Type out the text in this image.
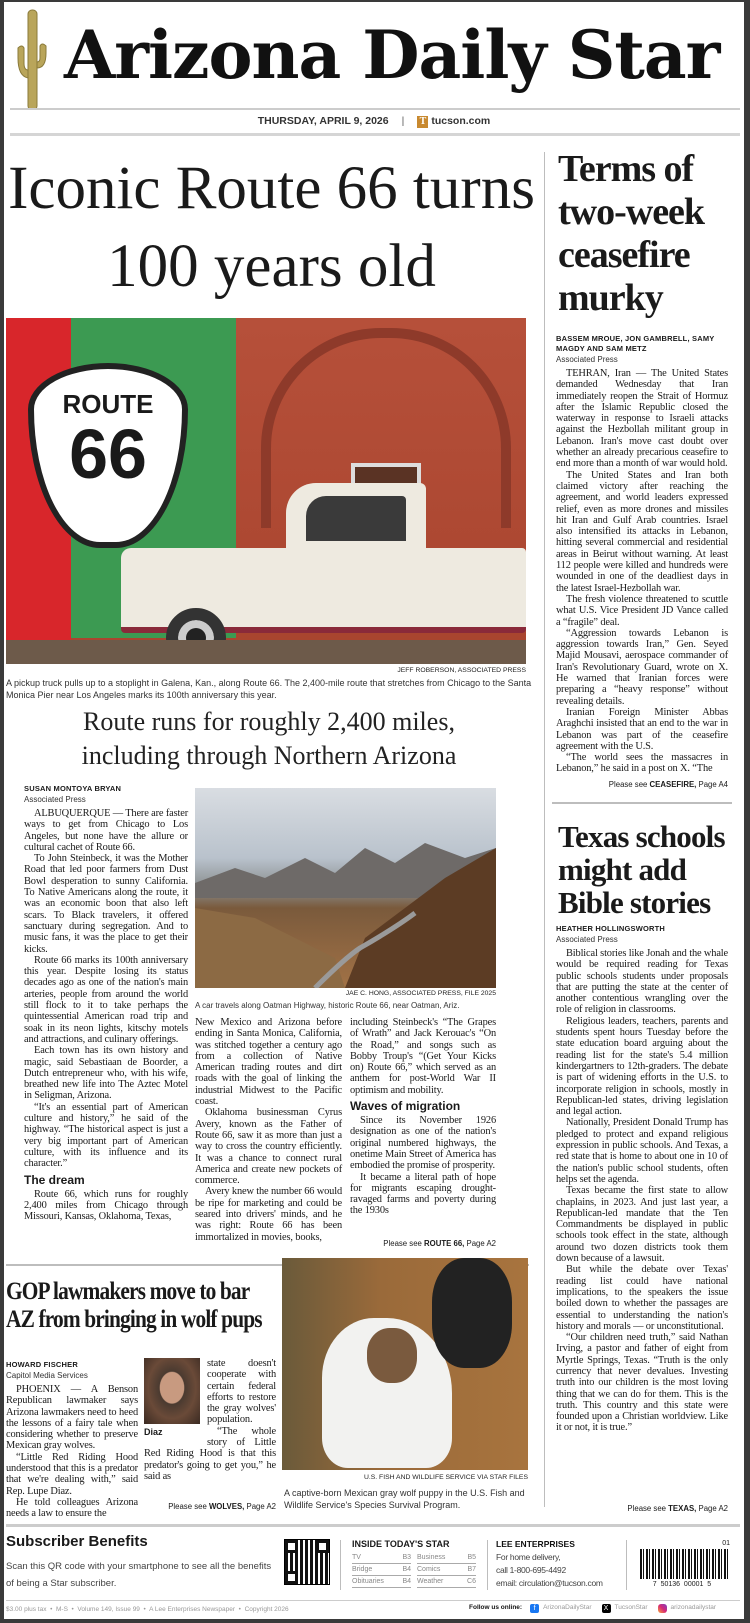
Arizona Daily Star
THURSDAY, APRIL 9, 2026 | T tucson.com
Iconic Route 66 turns 100 years old
ROUTE
66
JEFF ROBERSON, ASSOCIATED PRESS
A pickup truck pulls up to a stoplight in Galena, Kan., along Route 66. The 2,400-mile route that stretches from Chicago to the Santa Monica Pier near Los Angeles marks its 100th anniversary this year.
Route runs for roughly 2,400 miles, including through Northern Arizona
SUSAN MONTOYA BRYAN
Associated Press

ALBUQUERQUE — There are faster ways to get from Chicago to Los Angeles, but none have the allure or cultural cachet of Route 66.

To John Steinbeck, it was the Mother Road that led poor farmers from Dust Bowl desperation to sunny California. To Native Americans along the route, it was an economic boon that also left scars. To Black travelers, it offered sanctuary during segregation. And to music fans, it was the place to get their kicks.

Route 66 marks its 100th anniversary this year. Despite losing its status decades ago as one of the nation's main arteries, people from around the world still flock to it to take perhaps the quintessential American road trip and soak in its neon lights, kitschy motels and attractions, and culinary offerings.

Each town has its own history and magic, said Sebastiaan de Boorder, a Dutch entrepreneur who, with his wife, breathed new life into The Aztec Motel in Seligman, Arizona.

“It's an essential part of American culture and history,” he said of the highway. “The historical aspect is just a very big important part of American culture, with its influence and its character.”

The dream

Route 66, which runs for roughly 2,400 miles from Chicago through Missouri, Kansas, Oklahoma, Texas,

JAE C. HONG, ASSOCIATED PRESS, FILE 2025
A car travels along Oatman Highway, historic Route 66, near Oatman, Ariz.

New Mexico and Arizona before ending in Santa Monica, California, was stitched together a century ago from a collection of Native American trading routes and dirt roads with the goal of linking the industrial Midwest to the Pacific coast.

Oklahoma businessman Cyrus Avery, known as the Father of Route 66, saw it as more than just a way to cross the country efficiently. It was a chance to connect rural America and create new pockets of commerce.

Avery knew the number 66 would be ripe for marketing and could be seared into drivers' minds, and he was right: Route 66 has been immortalized in movies, books,

including Steinbeck's “The Grapes of Wrath” and Jack Kerouac's “On the Road,” and songs such as Bobby Troup's “(Get Your Kicks on) Route 66,” which served as an anthem for post-World War II optimism and mobility.

Waves of migration

Since its November 1926 designation as one of the nation's original numbered highways, the onetime Main Street of America has embodied the promise of prosperity.

It became a literal path of hope for migrants escaping drought-ravaged farms and poverty during the 1930s

Please see ROUTE 66, Page A2
GOP lawmakers move to bar AZ from bringing in wolf pups
HOWARD FISCHER
Capitol Media Services

PHOENIX — A Benson Republican lawmaker says Arizona lawmakers need to heed the lessons of a fairy tale when considering whether to preserve Mexican gray wolves.

“Little Red Riding Hood understood that this is a predator that we're dealing with,” said Rep. Lupe Diaz.

He told colleagues Arizona needs a law to ensure the

Diaz

state doesn't cooperate with certain federal efforts to restore the gray wolves' population.

“The whole story of Little Red Riding Hood is that this predator's going to get you,” he said as

Please see WOLVES, Page A2
U.S. FISH AND WILDLIFE SERVICE VIA STAR FILES
A captive-born Mexican gray wolf puppy in the U.S. Fish and Wildlife Service's Species Survival Program.
Terms of two-week ceasefire murky
BASSEM MROUE, JON GAMBRELL, SAMY MAGDY AND SAM METZ
Associated Press

TEHRAN, Iran — The United States demanded Wednesday that Iran immediately reopen the Strait of Hormuz after the Islamic Republic closed the waterway in response to Israeli attacks against the Hezbollah militant group in Lebanon. Iran's move cast doubt over whether an already precarious ceasefire to end more than a month of war would hold.

The United States and Iran both claimed victory after reaching the agreement, and world leaders expressed relief, even as more drones and missiles hit Iran and Gulf Arab countries. Israel also intensified its attacks in Lebanon, hitting several commercial and residential areas in Beirut without warning. At least 112 people were killed and hundreds were wounded in one of the deadliest days in the latest Israel-Hezbollah war.

The fresh violence threatened to scuttle what U.S. Vice President JD Vance called a “fragile” deal.

“Aggression towards Lebanon is aggression towards Iran,” Gen. Seyed Majid Mousavi, aerospace commander of Iran's Revolutionary Guard, wrote on X. He warned that Iranian forces were preparing a “heavy response” without revealing details.

Iranian Foreign Minister Abbas Araghchi insisted that an end to the war in Lebanon was part of the ceasefire agreement with the U.S.

“The world sees the massacres in Lebanon,” he said in a post on X. “The

Please see CEASEFIRE, Page A4
Texas schools might add Bible stories
HEATHER HOLLINGSWORTH
Associated Press

Biblical stories like Jonah and the whale would be required reading for Texas public schools students under proposals that are putting the state at the center of another contentious wrangling over the role of religion in classrooms.

Religious leaders, teachers, parents and students spent hours Tuesday before the state education board arguing about the reading list for the state's 5.4 million kindergartners to 12th-graders. The debate is part of widening efforts in the U.S. to incorporate religion in schools, mostly in Republican-led states, driving legislation and legal action.

Nationally, President Donald Trump has pledged to protect and expand religious expression in public schools. And Texas, a red state that is home to about one in 10 of the nation's public school students, often helps set the agenda.

Texas became the first state to allow chaplains, in 2023. And just last year, a Republican-led mandate that the Ten Commandments be displayed in public schools took effect in the state, although around two dozen districts took them down because of a lawsuit.

But while the debate over Texas' reading list could have national implications, to the speakers the issue boiled down to whether the passages are essential to understanding the nation's history and morals — or unconstitutional.

“Our children need truth,” said Nathan Irving, a pastor and father of eight from Myrtle Springs, Texas. “Truth is the only currency that never devalues. Investing truth into our children is the most loving thing that we can do for them. This is the truth. This country and this state were founded upon a Christian worldview. Like it or not, it is true.”

Please see TEXAS, Page A2
Subscriber Benefits
Scan this QR code with your smartphone to see all the benefits of being a Star subscriber.
INSIDE TODAY'S STAR
TV	B3 Business	B5
Bridge	B4 Comics	B7
Obituaries	B4 Weather	C6
LEE ENTERPRISES
For home delivery,
call 1-800-695-4492
email: circulation@tucson.com
01
7  50136  00001  5
$3.00 plus tax  •  M-S  •  Volume 149, Issue 99  •  A Lee Enterprises Newspaper  •  Copyright 2026	Follow us online:	f	ArizonaDailyStar	X TucsonStar	arizonadailystar
